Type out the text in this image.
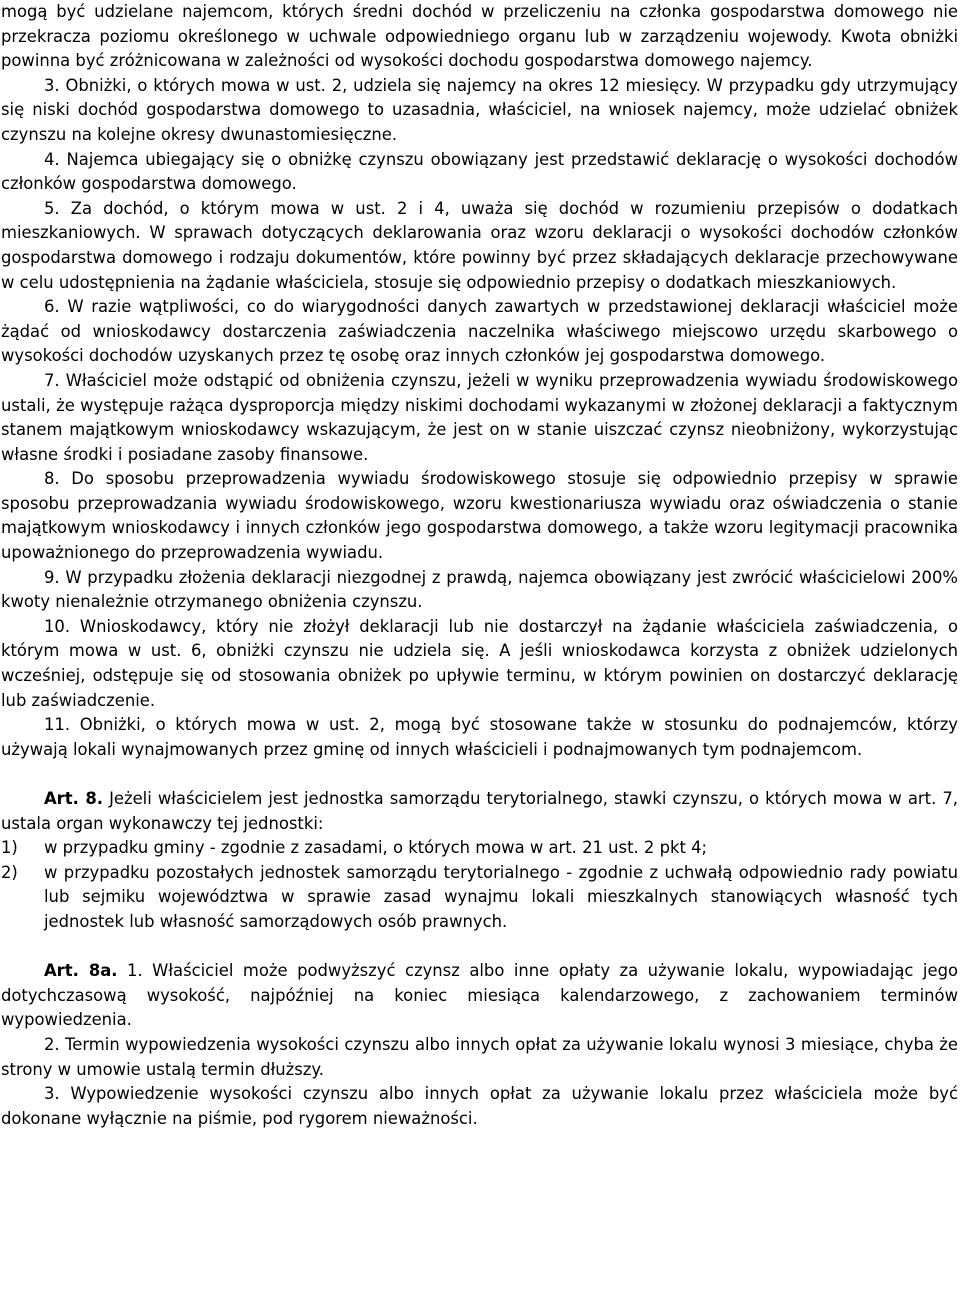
mogą być udzielane najemcom, których średni dochód w przeliczeniu na członka gospodarstwa domowego nie przekracza poziomu określonego w uchwale odpowiedniego organu lub w zarządzeniu wojewody. Kwota obniżki powinna być zróżnicowana w zależności od wysokości dochodu gospodarstwa domowego najemcy.

3. Obniżki, o których mowa w ust. 2, udziela się najemcy na okres 12 miesięcy. W przypadku gdy utrzymujący się niski dochód gospodarstwa domowego to uzasadnia, właściciel, na wniosek najemcy, może udzielać obniżek czynszu na kolejne okresy dwunastomiesięczne.

4. Najemca ubiegający się o obniżkę czynszu obowiązany jest przedstawić deklarację o wysokości dochodów członków gospodarstwa domowego.

5. Za dochód, o którym mowa w ust. 2 i 4, uważa się dochód w rozumieniu przepisów o dodatkach mieszkaniowych. W sprawach dotyczących deklarowania oraz wzoru deklaracji o wysokości dochodów członków gospodarstwa domowego i rodzaju dokumentów, które powinny być przez składających deklaracje przechowywane w celu udostępnienia na żądanie właściciela, stosuje się odpowiednio przepisy o dodatkach mieszkaniowych.

6. W razie wątpliwości, co do wiarygodności danych zawartych w przedstawionej deklaracji właściciel może żądać od wnioskodawcy dostarczenia zaświadczenia naczelnika właściwego miejscowo urzędu skarbowego o wysokości dochodów uzyskanych przez tę osobę oraz innych członków jej gospodarstwa domowego.

7. Właściciel może odstąpić od obniżenia czynszu, jeżeli w wyniku przeprowadzenia wywiadu środowiskowego ustali, że występuje rażąca dysproporcja między niskimi dochodami wykazanymi w złożonej deklaracji a faktycznym stanem majątkowym wnioskodawcy wskazującym, że jest on w stanie uiszczać czynsz nieobniżony, wykorzystując własne środki i posiadane zasoby finansowe.

8. Do sposobu przeprowadzenia wywiadu środowiskowego stosuje się odpowiednio przepisy w sprawie sposobu przeprowadzania wywiadu środowiskowego, wzoru kwestionariusza wywiadu oraz oświadczenia o stanie majątkowym wnioskodawcy i innych członków jego gospodarstwa domowego, a także wzoru legitymacji pracownika upoważnionego do przeprowadzenia wywiadu.

9. W przypadku złożenia deklaracji niezgodnej z prawdą, najemca obowiązany jest zwrócić właścicielowi 200% kwoty nienależnie otrzymanego obniżenia czynszu.

10. Wnioskodawcy, który nie złożył deklaracji lub nie dostarczył na żądanie właściciela zaświadczenia, o którym mowa w ust. 6, obniżki czynszu nie udziela się. A jeśli wnioskodawca korzysta z obniżek udzielonych wcześniej, odstępuje się od stosowania obniżek po upływie terminu, w którym powinien on dostarczyć deklarację lub zaświadczenie.

11. Obniżki, o których mowa w ust. 2, mogą być stosowane także w stosunku do podnajemców, którzy używają lokali wynajmowanych przez gminę od innych właścicieli i podnajmowanych tym podnajemcom.

Art. 8. Jeżeli właścicielem jest jednostka samorządu terytorialnego, stawki czynszu, o których mowa w art. 7, ustala organ wykonawczy tej jednostki:

1) w przypadku gminy - zgodnie z zasadami, o których mowa w art. 21 ust. 2 pkt 4;
2) w przypadku pozostałych jednostek samorządu terytorialnego - zgodnie z uchwałą odpowiednio rady powiatu lub sejmiku województwa w sprawie zasad wynajmu lokali mieszkalnych stanowiących własność tych jednostek lub własność samorządowych osób prawnych.

Art. 8a. 1. Właściciel może podwyższyć czynsz albo inne opłaty za używanie lokalu, wypowiadając jego dotychczasową wysokość, najpóźniej na koniec miesiąca kalendarzowego, z zachowaniem terminów wypowiedzenia.

2. Termin wypowiedzenia wysokości czynszu albo innych opłat za używanie lokalu wynosi 3 miesiące, chyba że strony w umowie ustalą termin dłuższy.

3. Wypowiedzenie wysokości czynszu albo innych opłat za używanie lokalu przez właściciela może być dokonane wyłącznie na piśmie, pod rygorem nieważności.
